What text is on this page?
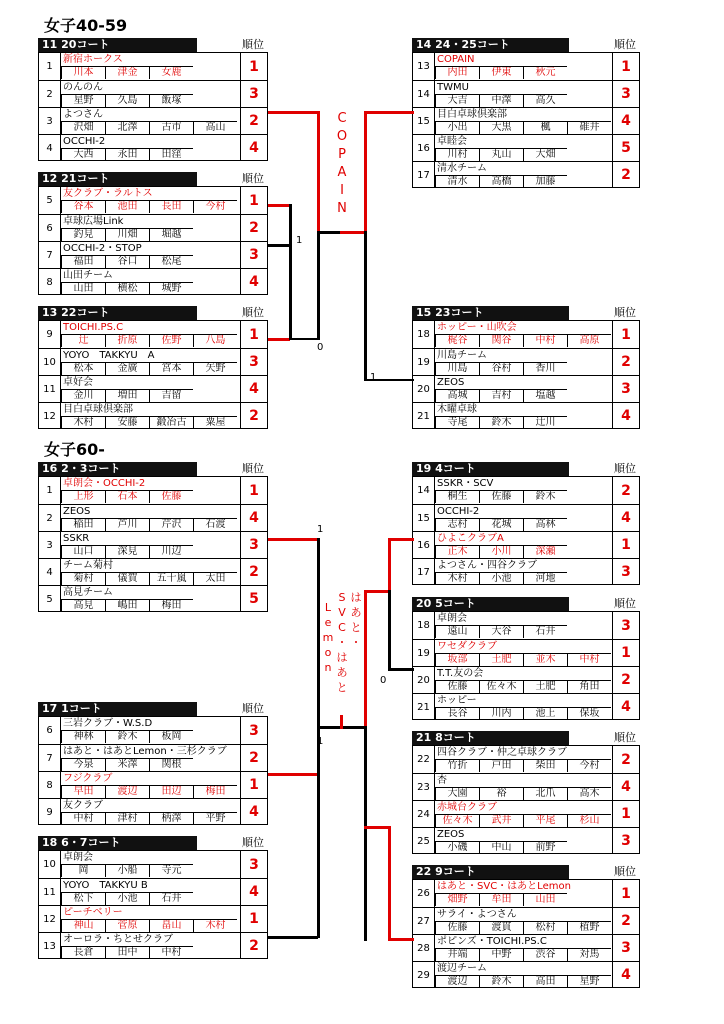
女子40-59
女子60-
11 20コート	順位
1
新宿ホークス
川本	津金	女鹿	1
2
のんのん
星野	久島	飯塚	3
3
よつさん
沢畑	北澤	古市	高山	2
4
OCCHI-2
大西	永田	田窪	4
12 21コート	順位
5
友クラブ・ラルトス
谷本	池田	長田	今村	1
6
卓球広場Link
釣見	川畑	堀越	2
7
OCCHI-2・STOP
福田	谷口	松尾	3
8
山田チーム
山田	横松	城野	4
13 22コート	順位
9
TOICHI.PS.C
辻	折原	佐野	八島	1
10
YOYO　TAKKYU　A
松本	金廣	宮本	矢野	3
11
卓好会
金川	増田	吉留	4
12
目白卓球倶楽部
木村	安藤	鍛冶古	粟屋	2
14 24・25コート	順位
13
COPAIN
内田	伊東	秋元	1
14
TWMU
大吉	中澤	高久	3
15
目白卓球倶楽部
小出	大黒	楓	碓井	4
16
卓睦会
川村	丸山	大畑	5
17
清水チーム
清水	高橋	加藤	2
15 23コート	順位
18
ホッピー・山吹会
梶谷	関谷	中村	高原	1
19
川島チーム
川島	谷村	香川	2
20
ZEOS
高城	吉村	塩越	3
21
木曜卓球
寺尾	鈴木	辻川	4
16 2・3コート	順位
1
卓朗会・OCCHI-2
上形	石本	佐藤	1
2
ZEOS
稲田	芦川	芹沢	石渡	4
3
SSKR
山口	深見	川辺	3
4
チーム菊村
菊村	儀賀	五十嵐	太田	2
5
高見チーム
高見	嶋田	梅田	5
17 1コート	順位
6
三岩クラブ・W.S.D
神林	鈴木	板岡	3
7
はあと・はあとLemon・三杉クラブ
今泉	米澤	関根	2
8
フジクラブ
早田	渡辺	田辺	梅田	1
9
友クラブ
中村	津村	柄澤	平野	4
18 6・7コート	順位
10
卓朗会
岡	小船	寺元	3
11
YOYO　TAKKYU B
松下	小池	石井	4
12
ピーチベリー
神山	菅原	畠山	木村	1
13
オーロラ・ちとせクラブ
長倉	田中	中村	2
19 4コート	順位
14
SSKR・SCV
桐生	佐藤	鈴木	2
15
OCCHI-2
志村	花城	高林	4
16
ひよこクラブA
正木	小川	深瀬	1
17
よつさん・四谷クラブ
木村	小池	河地	3
20 5コート	順位
18
卓朗会
遠山	大谷	石井	3
19
ワセダクラブ
坂部	土肥	並木	中村	1
20
T.T.友の会
佐藤	佐々木	土肥	角田	2
21
ホッピー
長谷	川内	池上	保坂	4
21 8コート	順位
22
四谷クラブ・仲之卓球クラブ
竹折	戸田	柴田	今村	2
23
杏
大園	裕	北爪	高木	4
24
赤城台クラブ
佐々木	武井	平尾	杉山	1
25
ZEOS
小磯	中山	前野	3
22 9コート	順位
26
はあと・SVC・はあとLemon
畑野	牟田	山田	1
27
サライ・よつさん
佐藤	渡貫	松村	植野	2
28
ポピンズ・TOICHI.PS.C
井端	中野	渋谷	対馬	3
29
渡辺チーム
渡辺	鈴木	高田	星野	4
1
0
1
1
0
1
C
O
P
A
I
N
は
あ
と
・
S
V
C
・
は
あ
と
L
e
m
o
n
